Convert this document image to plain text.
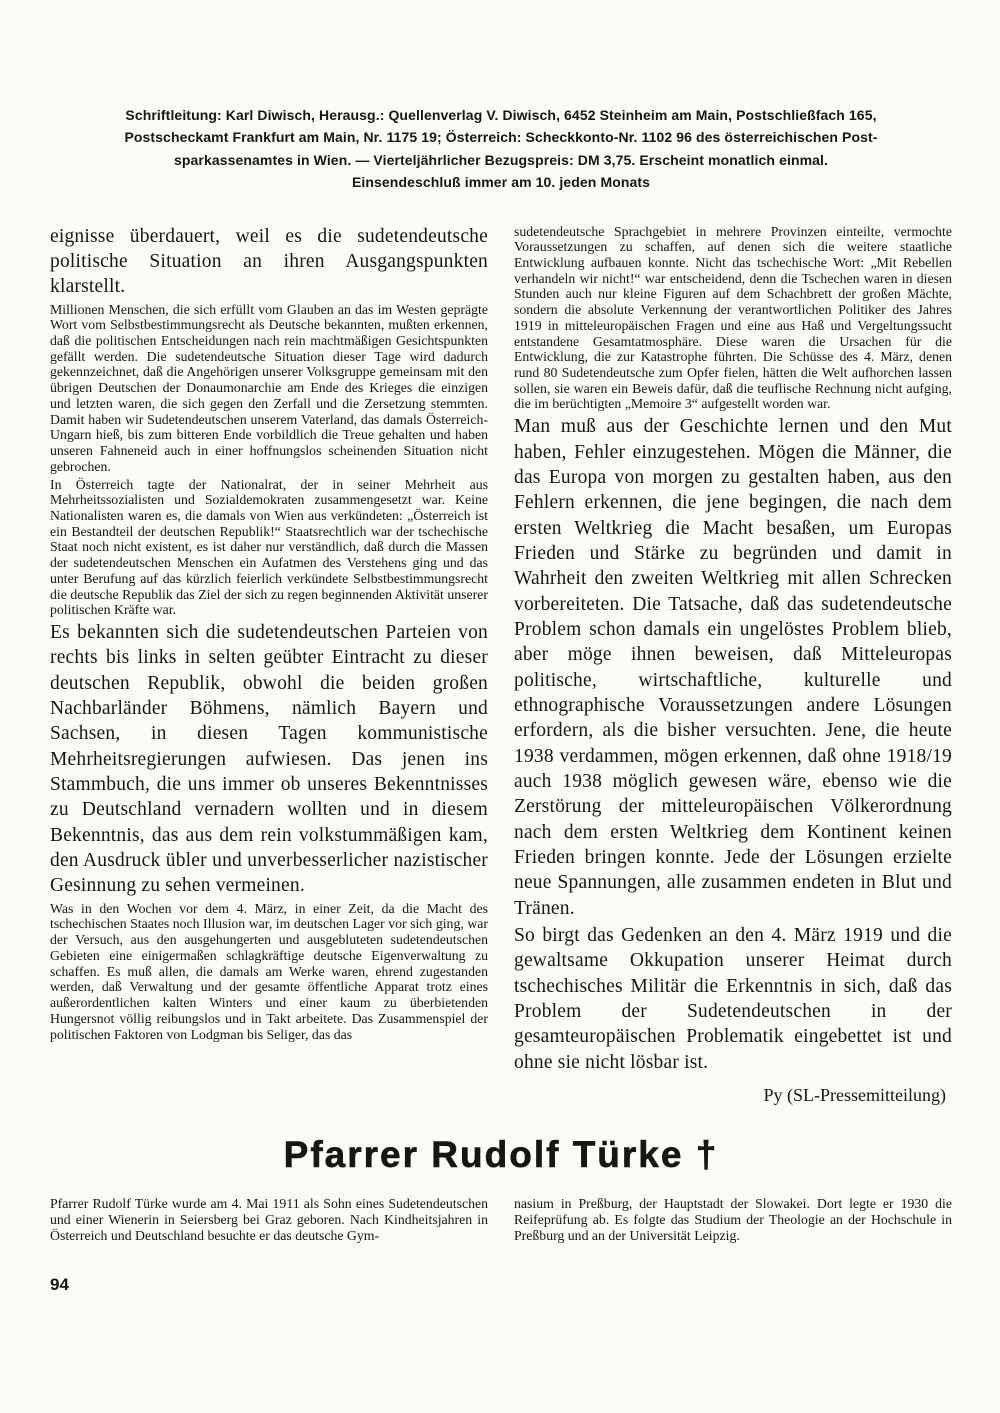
Schriftleitung: Karl Diwisch, Herausg.: Quellenverlag V. Diwisch, 6452 Steinheim am Main, Postschließfach 165,
Postscheckamt Frankfurt am Main, Nr. 1175 19; Österreich: Scheckkonto-Nr. 1102 96 des österreichischen Post-
sparkassenamtes in Wien. — Vierteljährlicher Bezugspreis: DM 3,75. Erscheint monatlich einmal.
Einsendeschluß immer am 10. jeden Monats

eignisse überdauert, weil es die sudetendeutsche politische Situation an ihren Ausgangspunkten klarstellt.

Millionen Menschen, die sich erfüllt vom Glauben an das im Westen geprägte Wort vom Selbstbestimmungsrecht als Deutsche bekannten, mußten erkennen, daß die politischen Entscheidungen nach rein machtmäßigen Gesichtspunkten gefällt werden. Die sudetendeutsche Situation dieser Tage wird dadurch gekennzeichnet, daß die Angehörigen unserer Volksgruppe gemeinsam mit den übrigen Deutschen der Donaumonarchie am Ende des Krieges die einzigen und letzten waren, die sich gegen den Zerfall und die Zersetzung stemmten. Damit haben wir Sudetendeutschen unserem Vaterland, das damals Österreich-Ungarn hieß, bis zum bitteren Ende vorbildlich die Treue gehalten und haben unseren Fahneneid auch in einer hoffnungslos scheinenden Situation nicht gebrochen.

In Österreich tagte der Nationalrat, der in seiner Mehrheit aus Mehrheitssozialisten und Sozialdemokraten zusammengesetzt war. Keine Nationalisten waren es, die damals von Wien aus verkündeten: „Österreich ist ein Bestandteil der deutschen Republik!“ Staatsrechtlich war der tschechische Staat noch nicht existent, es ist daher nur verständlich, daß durch die Massen der sudetendeutschen Menschen ein Aufatmen des Verstehens ging und das unter Berufung auf das kürzlich feierlich verkündete Selbstbestimmungsrecht die deutsche Republik das Ziel der sich zu regen beginnenden Aktivität unserer politischen Kräfte war.

Es bekannten sich die sudetendeutschen Parteien von rechts bis links in selten geübter Eintracht zu dieser deutschen Republik, obwohl die beiden großen Nachbarländer Böhmens, nämlich Bayern und Sachsen, in diesen Tagen kommunistische Mehrheitsregierungen aufwiesen. Das jenen ins Stammbuch, die uns immer ob unseres Bekenntnisses zu Deutschland vernadern wollten und in diesem Bekenntnis, das aus dem rein volkstummäßigen kam, den Ausdruck übler und unverbesserlicher nazistischer Gesinnung zu sehen vermeinen.

Was in den Wochen vor dem 4. März, in einer Zeit, da die Macht des tschechischen Staates noch Illusion war, im deutschen Lager vor sich ging, war der Versuch, aus den ausgehungerten und ausgebluteten sudetendeutschen Gebieten eine einigermaßen schlagkräftige deutsche Eigenverwaltung zu schaffen. Es muß allen, die damals am Werke waren, ehrend zugestanden werden, daß Verwaltung und der gesamte öffentliche Apparat trotz eines außerordentlichen kalten Winters und einer kaum zu überbietenden Hungersnot völlig reibungslos und in Takt arbeitete. Das Zusammenspiel der politischen Faktoren von Lodgman bis Seliger, das das

sudetendeutsche Sprachgebiet in mehrere Provinzen einteilte, vermochte Voraussetzungen zu schaffen, auf denen sich die weitere staatliche Entwicklung aufbauen konnte. Nicht das tschechische Wort: „Mit Rebellen verhandeln wir nicht!“ war entscheidend, denn die Tschechen waren in diesen Stunden auch nur kleine Figuren auf dem Schachbrett der großen Mächte, sondern die absolute Verkennung der verantwortlichen Politiker des Jahres 1919 in mitteleuropäischen Fragen und eine aus Haß und Vergeltungssucht entstandene Gesamtatmosphäre. Diese waren die Ursachen für die Entwicklung, die zur Katastrophe führten. Die Schüsse des 4. März, denen rund 80 Sudetendeutsche zum Opfer fielen, hätten die Welt aufhorchen lassen sollen, sie waren ein Beweis dafür, daß die teuflische Rechnung nicht aufging, die im berüchtigten „Memoire 3“ aufgestellt worden war.

Man muß aus der Geschichte lernen und den Mut haben, Fehler einzugestehen. Mögen die Männer, die das Europa von morgen zu gestalten haben, aus den Fehlern erkennen, die jene begingen, die nach dem ersten Weltkrieg die Macht besaßen, um Europas Frieden und Stärke zu begründen und damit in Wahrheit den zweiten Weltkrieg mit allen Schrecken vorbereiteten. Die Tatsache, daß das sudetendeutsche Problem schon damals ein ungelöstes Problem blieb, aber möge ihnen beweisen, daß Mitteleuropas politische, wirtschaftliche, kulturelle und ethnographische Voraussetzungen andere Lösungen erfordern, als die bisher versuchten. Jene, die heute 1938 verdammen, mögen erkennen, daß ohne 1918/19 auch 1938 möglich gewesen wäre, ebenso wie die Zerstörung der mitteleuropäischen Völkerordnung nach dem ersten Weltkrieg dem Kontinent keinen Frieden bringen konnte. Jede der Lösungen erzielte neue Spannungen, alle zusammen endeten in Blut und Tränen.

So birgt das Gedenken an den 4. März 1919 und die gewaltsame Okkupation unserer Heimat durch tschechisches Militär die Erkenntnis in sich, daß das Problem der Sudetendeutschen in der gesamteuropäischen Problematik eingebettet ist und ohne sie nicht lösbar ist.

Py (SL-Pressemitteilung)

Pfarrer Rudolf Türke †

Pfarrer Rudolf Türke wurde am 4. Mai 1911 als Sohn eines Sudetendeutschen und einer Wienerin in Seiersberg bei Graz geboren. Nach Kindheitsjahren in Österreich und Deutschland besuchte er das deutsche Gym-

nasium in Preßburg, der Hauptstadt der Slowakei. Dort legte er 1930 die Reifeprüfung ab. Es folgte das Studium der Theologie an der Hochschule in Preßburg und an der Universität Leipzig.

94
